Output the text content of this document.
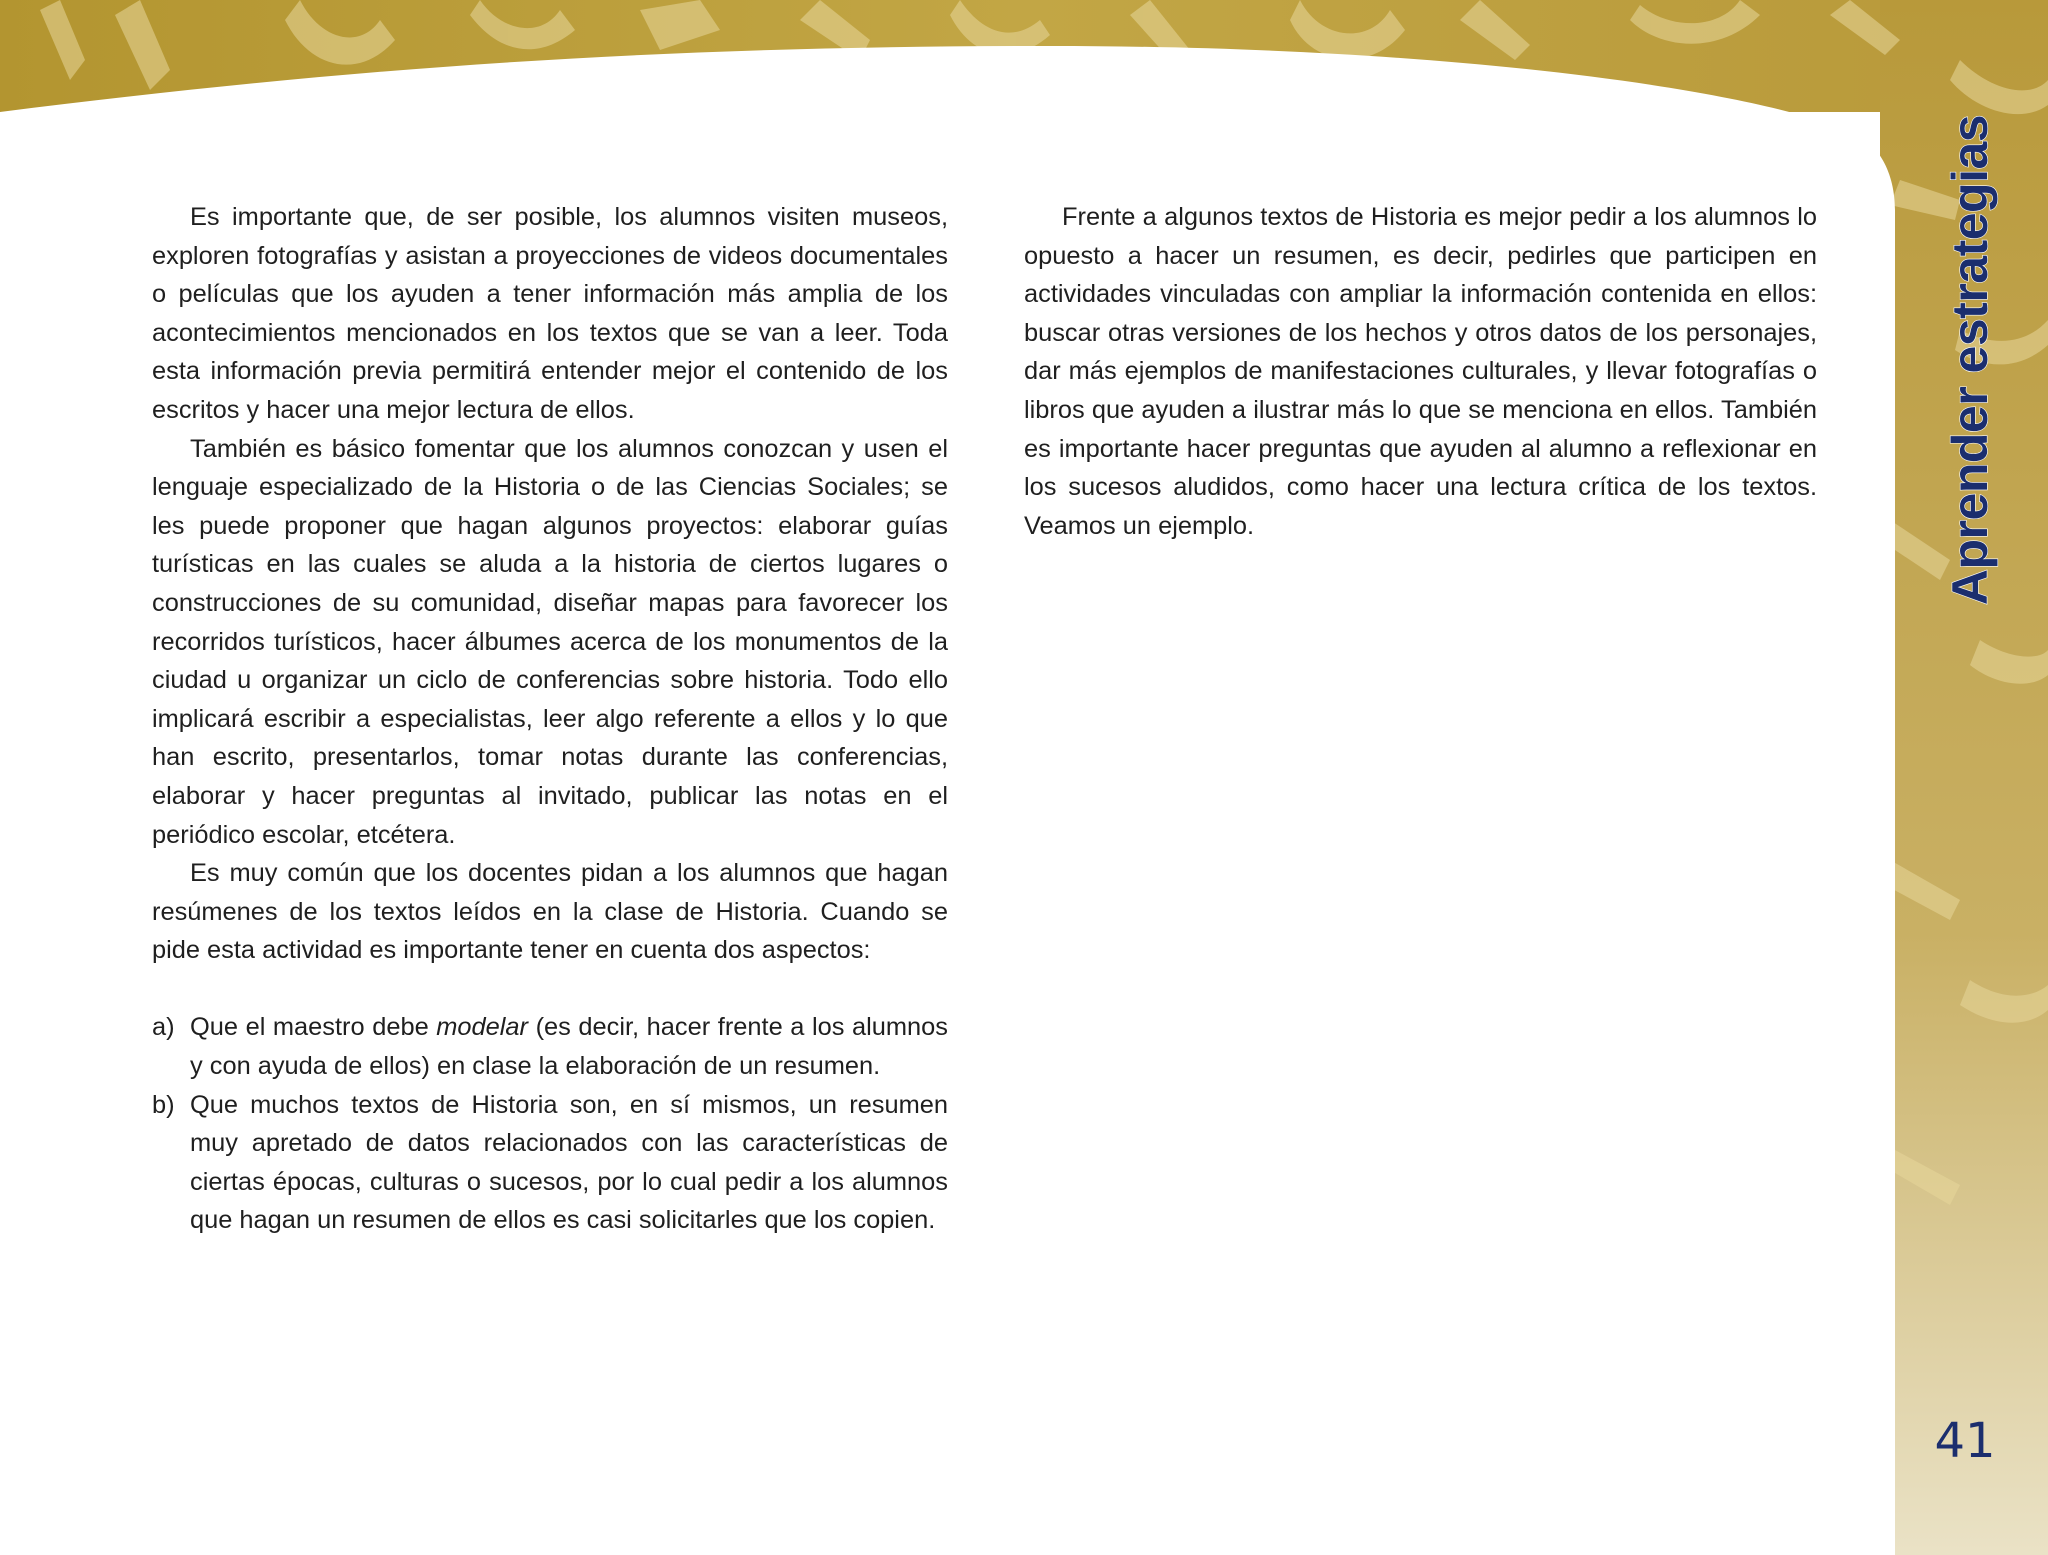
Es importante que, de ser posible, los alumnos visiten museos, exploren fotografías y asistan a proyecciones de videos documentales o películas que los ayuden a tener información más amplia de los acontecimientos mencionados en los textos que se van a leer. Toda esta información previa permitirá entender mejor el contenido de los escritos y hacer una mejor lectura de ellos.

También es básico fomentar que los alumnos conozcan y usen el lenguaje especializado de la Historia o de las Ciencias Sociales; se les puede proponer que hagan algunos proyectos: elaborar guías turísticas en las cuales se aluda a la historia de ciertos lugares o construcciones de su comunidad, diseñar mapas para favorecer los recorridos turísticos, hacer álbumes acerca de los monumentos de la ciudad u organizar un ciclo de conferencias sobre historia. Todo ello implicará escribir a especialistas, leer algo referente a ellos y lo que han escrito, presentarlos, tomar notas durante las conferencias, elaborar y hacer preguntas al invitado, publicar las notas en el periódico escolar, etcétera.

Es muy común que los docentes pidan a los alumnos que hagan resúmenes de los textos leídos en la clase de Historia. Cuando se pide esta actividad es importante tener en cuenta dos aspectos:

a) Que el maestro debe modelar (es decir, hacer frente a los alumnos y con ayuda de ellos) en clase la elaboración de un resumen.
b) Que muchos textos de Historia son, en sí mismos, un resumen muy apretado de datos relacionados con las características de ciertas épocas, culturas o sucesos, por lo cual pedir a los alumnos que hagan un resumen de ellos es casi solicitarles que los copien.

Frente a algunos textos de Historia es mejor pedir a los alumnos lo opuesto a hacer un resumen, es decir, pedirles que participen en actividades vinculadas con ampliar la información contenida en ellos: buscar otras versiones de los hechos y otros datos de los personajes, dar más ejemplos de manifestaciones culturales, y llevar fotografías o libros que ayuden a ilustrar más lo que se menciona en ellos. También es importante hacer preguntas que ayuden al alumno a reflexionar en los sucesos aludidos, como hacer una lectura crítica de los textos. Veamos un ejemplo.	Aprender estrategias
41
